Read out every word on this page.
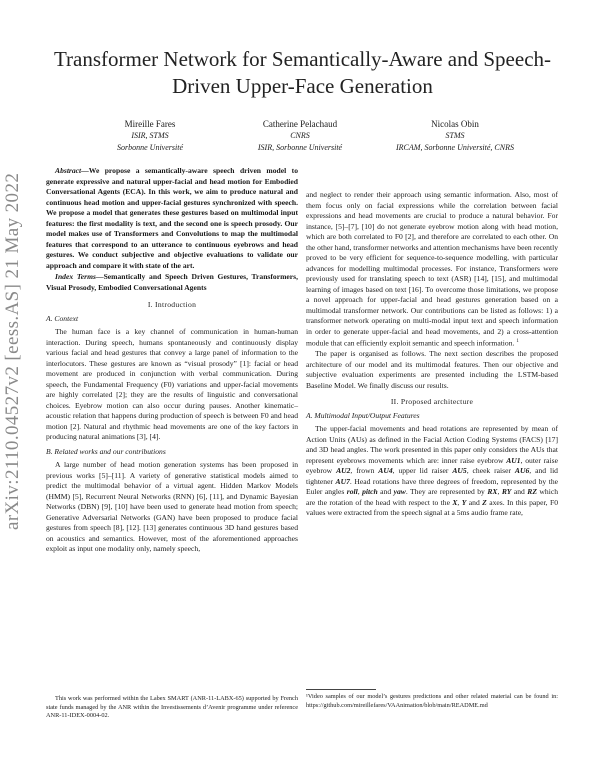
arXiv:2110.04527v2 [eess.AS] 21 May 2022
Transformer Network for Semantically-Aware and Speech-Driven Upper-Face Generation
Mireille Fares
ISIR, STMS
Sorbonne Université
Catherine Pelachaud
CNRS
ISIR, Sorbonne Université
Nicolas Obin
STMS
IRCAM, Sorbonne Université, CNRS

Abstract—We propose a semantically-aware speech driven model to generate expressive and natural upper-facial and head motion for Embodied Conversational Agents (ECA). In this work, we aim to produce natural and continuous head motion and upper-facial gestures synchronized with speech. We propose a model that generates these gestures based on multimodal input features: the first modality is text, and the second one is speech prosody. Our model makes use of Transformers and Convolutions to map the multimodal features that correspond to an utterance to continuous eyebrows and head gestures. We conduct subjective and objective evaluations to validate our approach and compare it with state of the art.

Index Terms—Semantically and Speech Driven Gestures, Transformers, Visual Prosody, Embodied Conversational Agents

I. Introduction
A. Context

The human face is a key channel of communication in human-human interaction. During speech, humans spontaneously and continuously display various facial and head gestures that convey a large panel of information to the interlocutors. These gestures are known as “visual prosody” [1]: facial or head movement are produced in conjunction with verbal communication. During speech, the Fundamental Frequency (F0) variations and upper-facial movements are highly correlated [2]; they are the results of linguistic and conversational choices. Eyebrow motion can also occur during pauses. Another kinematic–acoustic relation that happens during production of speech is between F0 and head motion [2]. Natural and rhythmic head movements are one of the key factors in producing natural animations [3], [4].

B. Related works and our contributions

A large number of head motion generation systems has been proposed in previous works [5]–[11]. A variety of generative statistical models aimed to predict the multimodal behavior of a virtual agent. Hidden Markov Models (HMM) [5], Recurrent Neural Networks (RNN) [6], [11], and Dynamic Bayesian Networks (DBN) [9], [10] have been used to generate head motion from speech; Generative Adversarial Networks (GAN) have been proposed to produce facial gestures from speech [8], [12]. [13] generates continuous 3D hand gestures based on acoustics and semantics. However, most of the aforementioned approaches exploit as input one modality only, namely speech,

This work was performed within the Labex SMART (ANR-11-LABX-65) supported by French state funds managed by the ANR within the Investissements d’Avenir programme under reference ANR-11-IDEX-0004-02.

and neglect to render their approach using semantic information. Also, most of them focus only on facial expressions while the correlation between facial expressions and head movements are crucial to produce a natural behavior. For instance, [5]–[7], [10] do not generate eyebrow motion along with head motion, which are both correlated to F0 [2], and therefore are correlated to each other. On the other hand, transformer networks and attention mechanisms have been recently proved to be very efficient for sequence-to-sequence modelling, with particular advances for modelling multimodal processes. For instance, Transformers were previously used for translating speech to text (ASR) [14], [15], and multimodal learning of images based on text [16]. To overcome those limitations, we propose a novel approach for upper-facial and head gestures generation based on a multimodal transformer network. Our contributions can be listed as follows: 1) a transformer network operating on multi-modal input text and speech information in order to generate upper-facial and head movements, and 2) a cross-attention module that can efficiently exploit semantic and speech information. $^1$

The paper is organised as follows. The next section describes the proposed architecture of our model and its multimodal features. Then our objective and subjective evaluation experiments are presented including the LSTM-based Baseline Model. We finally discuss our results.

II. Proposed architecture
A. Multimodal Input/Output Features

The upper-facial movements and head rotations are represented by mean of Action Units (AUs) as defined in the Facial Action Coding Systems (FACS) [17] and 3D head angles. The work presented in this paper only considers the AUs that represent eyebrows movements which are: inner raise eyebrow AU1, outer raise eyebrow AU2, frown AU4, upper lid raiser AU5, cheek raiser AU6, and lid tightener AU7. Head rotations have three degrees of freedom, represented by the Euler angles roll, pitch and yaw. They are represented by RX, RY and RZ which are the rotation of the head with respect to the X, Y and Z axes. In this paper, F0 values were extracted from the speech signal at a 5ms audio frame rate,

¹Video samples of our model’s gestures predictions and other related material can be found in: https://github.com/mireillefares/VAAnimation/blob/main/README.md
